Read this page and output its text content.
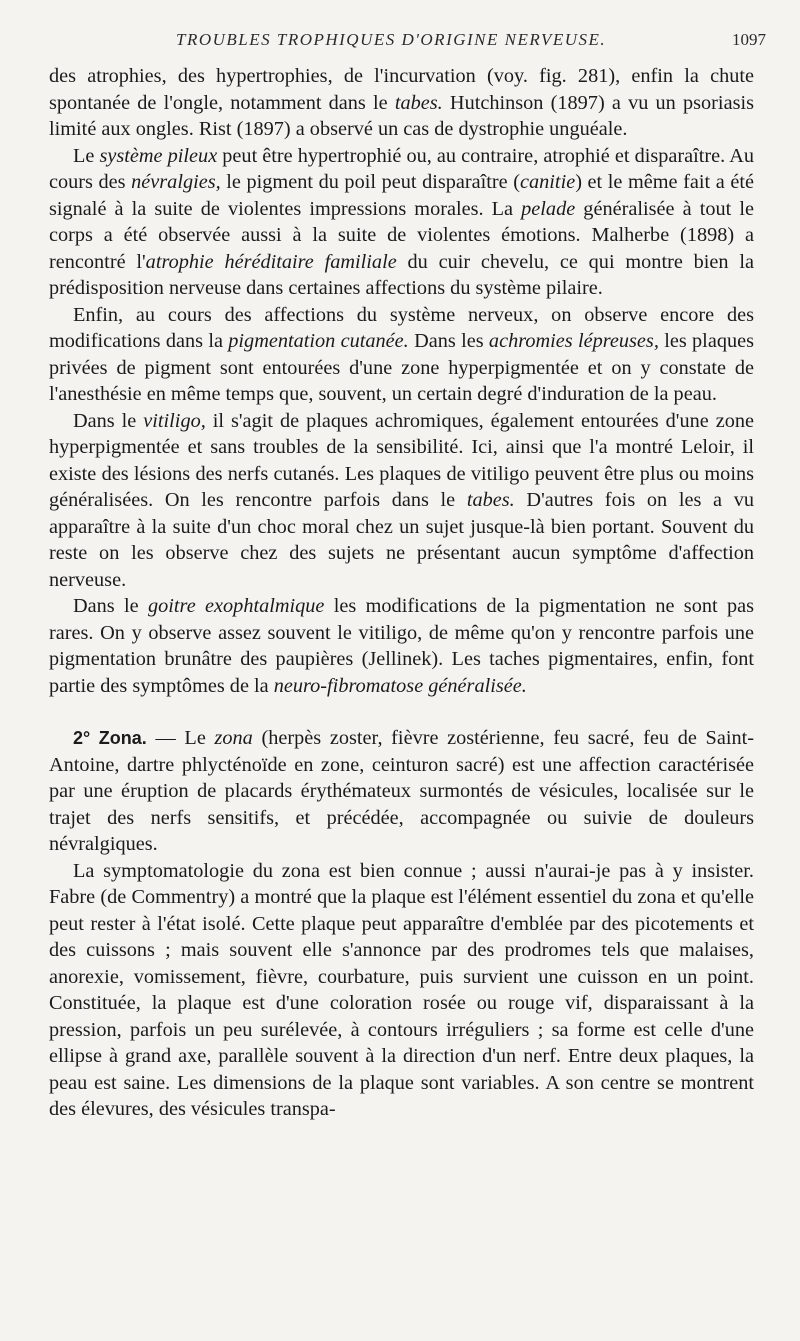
TROUBLES TROPHIQUES D'ORIGINE NERVEUSE.	1097

des atrophies, des hypertrophies, de l'incurvation (voy. fig. 281), enfin la chute spontanée de l'ongle, notamment dans le tabes. Hutchinson (1897) a vu un psoriasis limité aux ongles. Rist (1897) a observé un cas de dystrophie unguéale.

Le système pileux peut être hypertrophié ou, au contraire, atrophié et disparaître. Au cours des névralgies, le pigment du poil peut disparaître (canitie) et le même fait a été signalé à la suite de violentes impressions morales. La pelade généralisée à tout le corps a été observée aussi à la suite de violentes émotions. Malherbe (1898) a rencontré l'atrophie héréditaire familiale du cuir chevelu, ce qui montre bien la prédisposition nerveuse dans certaines affections du système pilaire.

Enfin, au cours des affections du système nerveux, on observe encore des modifications dans la pigmentation cutanée. Dans les achromies lépreuses, les plaques privées de pigment sont entourées d'une zone hyperpigmentée et on y constate de l'anesthésie en même temps que, souvent, un certain degré d'induration de la peau.

Dans le vitiligo, il s'agit de plaques achromiques, également entourées d'une zone hyperpigmentée et sans troubles de la sensibilité. Ici, ainsi que l'a montré Leloir, il existe des lésions des nerfs cutanés. Les plaques de vitiligo peuvent être plus ou moins généralisées. On les rencontre parfois dans le tabes. D'autres fois on les a vu apparaître à la suite d'un choc moral chez un sujet jusque-là bien portant. Souvent du reste on les observe chez des sujets ne présentant aucun symptôme d'affection nerveuse.

Dans le goitre exophtalmique les modifications de la pigmentation ne sont pas rares. On y observe assez souvent le vitiligo, de même qu'on y rencontre parfois une pigmentation brunâtre des paupières (Jellinek). Les taches pigmentaires, enfin, font partie des symptômes de la neuro-fibromatose généralisée.

2° Zona. — Le zona (herpès zoster, fièvre zostérienne, feu sacré, feu de Saint-Antoine, dartre phlycténoïde en zone, ceinturon sacré) est une affection caractérisée par une éruption de placards érythémateux surmontés de vésicules, localisée sur le trajet des nerfs sensitifs, et précédée, accompagnée ou suivie de douleurs névralgiques.

La symptomatologie du zona est bien connue ; aussi n'aurai-je pas à y insister. Fabre (de Commentry) a montré que la plaque est l'élément essentiel du zona et qu'elle peut rester à l'état isolé. Cette plaque peut apparaître d'emblée par des picotements et des cuissons ; mais souvent elle s'annonce par des prodromes tels que malaises, anorexie, vomissement, fièvre, courbature, puis survient une cuisson en un point. Constituée, la plaque est d'une coloration rosée ou rouge vif, disparaissant à la pression, parfois un peu surélevée, à contours irréguliers ; sa forme est celle d'une ellipse à grand axe, parallèle souvent à la direction d'un nerf. Entre deux plaques, la peau est saine. Les dimensions de la plaque sont variables. A son centre se montrent des élevures, des vésicules transpa-
